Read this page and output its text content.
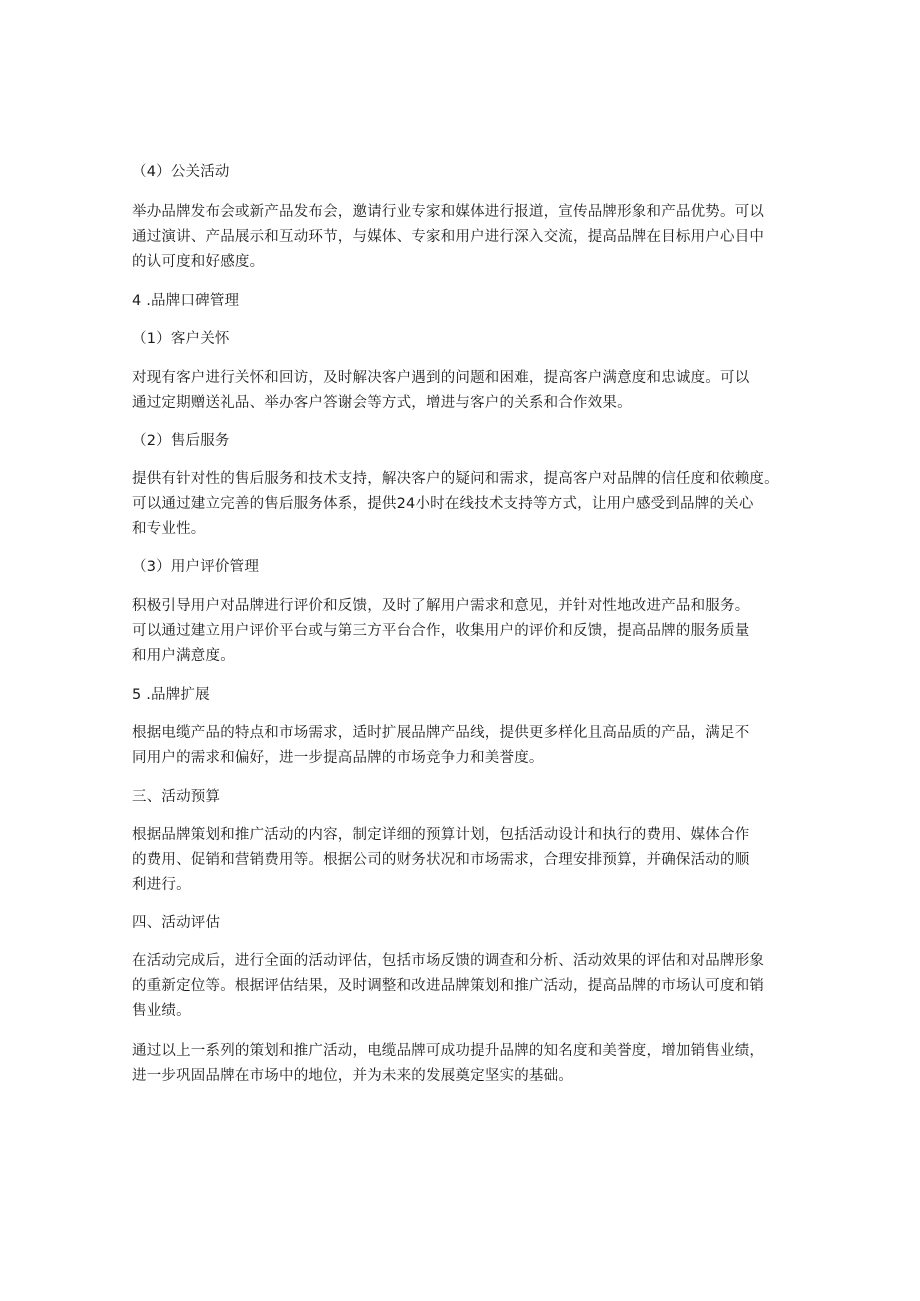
（4）公关活动
举办品牌发布会或新产品发布会，邀请行业专家和媒体进行报道，宣传品牌形象和产品优势。可以
通过演讲、产品展示和互动环节，与媒体、专家和用户进行深入交流，提高品牌在目标用户心目中
的认可度和好感度。
4 .品牌口碑管理
（1）客户关怀
对现有客户进行关怀和回访，及时解决客户遇到的问题和困难，提高客户满意度和忠诚度。可以
通过定期赠送礼品、举办客户答谢会等方式，增进与客户的关系和合作效果。
（2）售后服务
提供有针对性的售后服务和技术支持，解决客户的疑问和需求，提高客户对品牌的信任度和依赖度。
可以通过建立完善的售后服务体系，提供24小时在线技术支持等方式，让用户感受到品牌的关心
和专业性。
（3）用户评价管理
积极引导用户对品牌进行评价和反馈，及时了解用户需求和意见，并针对性地改进产品和服务。
可以通过建立用户评价平台或与第三方平台合作，收集用户的评价和反馈，提高品牌的服务质量
和用户满意度。
5 .品牌扩展
根据电缆产品的特点和市场需求，适时扩展品牌产品线，提供更多样化且高品质的产品，满足不
同用户的需求和偏好，进一步提高品牌的市场竞争力和美誉度。
三、活动预算
根据品牌策划和推广活动的内容，制定详细的预算计划，包括活动设计和执行的费用、媒体合作
的费用、促销和营销费用等。根据公司的财务状况和市场需求，合理安排预算，并确保活动的顺
利进行。
四、活动评估
在活动完成后，进行全面的活动评估，包括市场反馈的调查和分析、活动效果的评估和对品牌形象
的重新定位等。根据评估结果，及时调整和改进品牌策划和推广活动，提高品牌的市场认可度和销
售业绩。
通过以上一系列的策划和推广活动，电缆品牌可成功提升品牌的知名度和美誉度，增加销售业绩，
进一步巩固品牌在市场中的地位，并为未来的发展奠定坚实的基础。
